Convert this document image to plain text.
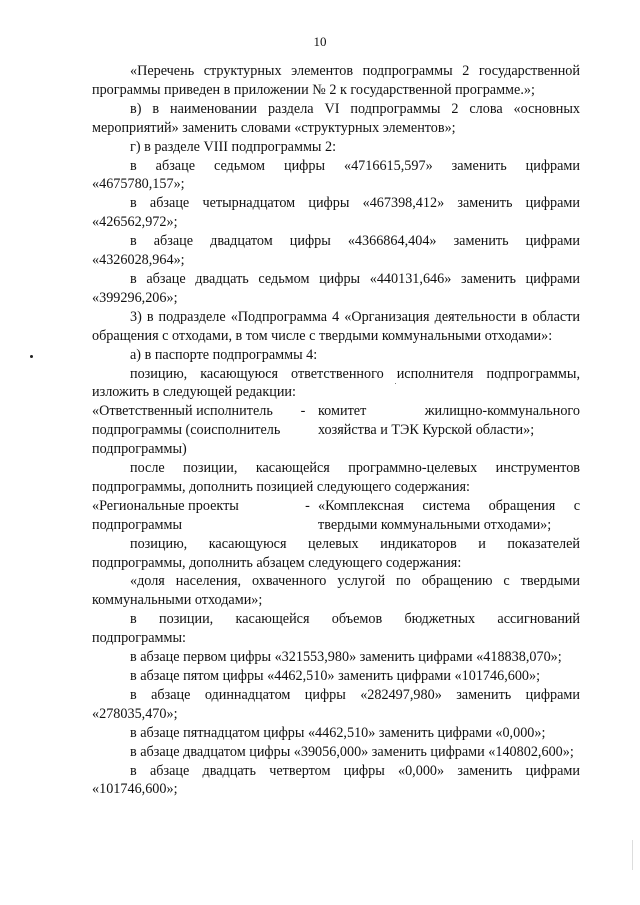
10
«Перечень структурных элементов подпрограммы 2 государственной программы приведен в приложении № 2 к государственной программе.»;
в) в наименовании раздела VI подпрограммы 2 слова «основных мероприятий» заменить словами «структурных элементов»;
г) в разделе VIII подпрограммы 2:
в абзаце седьмом цифры «4716615,597» заменить цифрами «4675780,157»;
в абзаце четырнадцатом цифры «467398,412» заменить цифрами «426562,972»;
в абзаце двадцатом цифры «4366864,404» заменить цифрами «4326028,964»;
в абзаце двадцать седьмом цифры «440131,646» заменить цифрами «399296,206»;
3) в подразделе «Подпрограмма 4 «Организация деятельности в области обращения с отходами, в том числе с твердыми коммунальными отходами»:
а) в паспорте подпрограммы 4:
позицию, касающуюся ответственного исполнителя подпрограммы, изложить в следующей редакции:
«Ответственный исполнитель подпрограммы (соисполнитель подпрограммы)
- комитет жилищно-коммунального хозяйства и ТЭК Курской области»;
после позиции, касающейся программно-целевых инструментов подпрограммы, дополнить позицией следующего содержания:
«Региональные проекты подпрограммы
- «Комплексная система обращения с твердыми коммунальными отходами»;
позицию, касающуюся целевых индикаторов и показателей подпрограммы, дополнить абзацем следующего содержания:
«доля населения, охваченного услугой по обращению с твердыми коммунальными отходами»;
в позиции, касающейся объемов бюджетных ассигнований подпрограммы:
в абзаце первом цифры «321553,980» заменить цифрами «418838,070»;
в абзаце пятом цифры «4462,510» заменить цифрами «101746,600»;
в абзаце одиннадцатом цифры «282497,980» заменить цифрами «278035,470»;
в абзаце пятнадцатом цифры «4462,510» заменить цифрами «0,000»;
в абзаце двадцатом цифры «39056,000» заменить цифрами «140802,600»;
в абзаце двадцать четвертом цифры «0,000» заменить цифрами «101746,600»;
